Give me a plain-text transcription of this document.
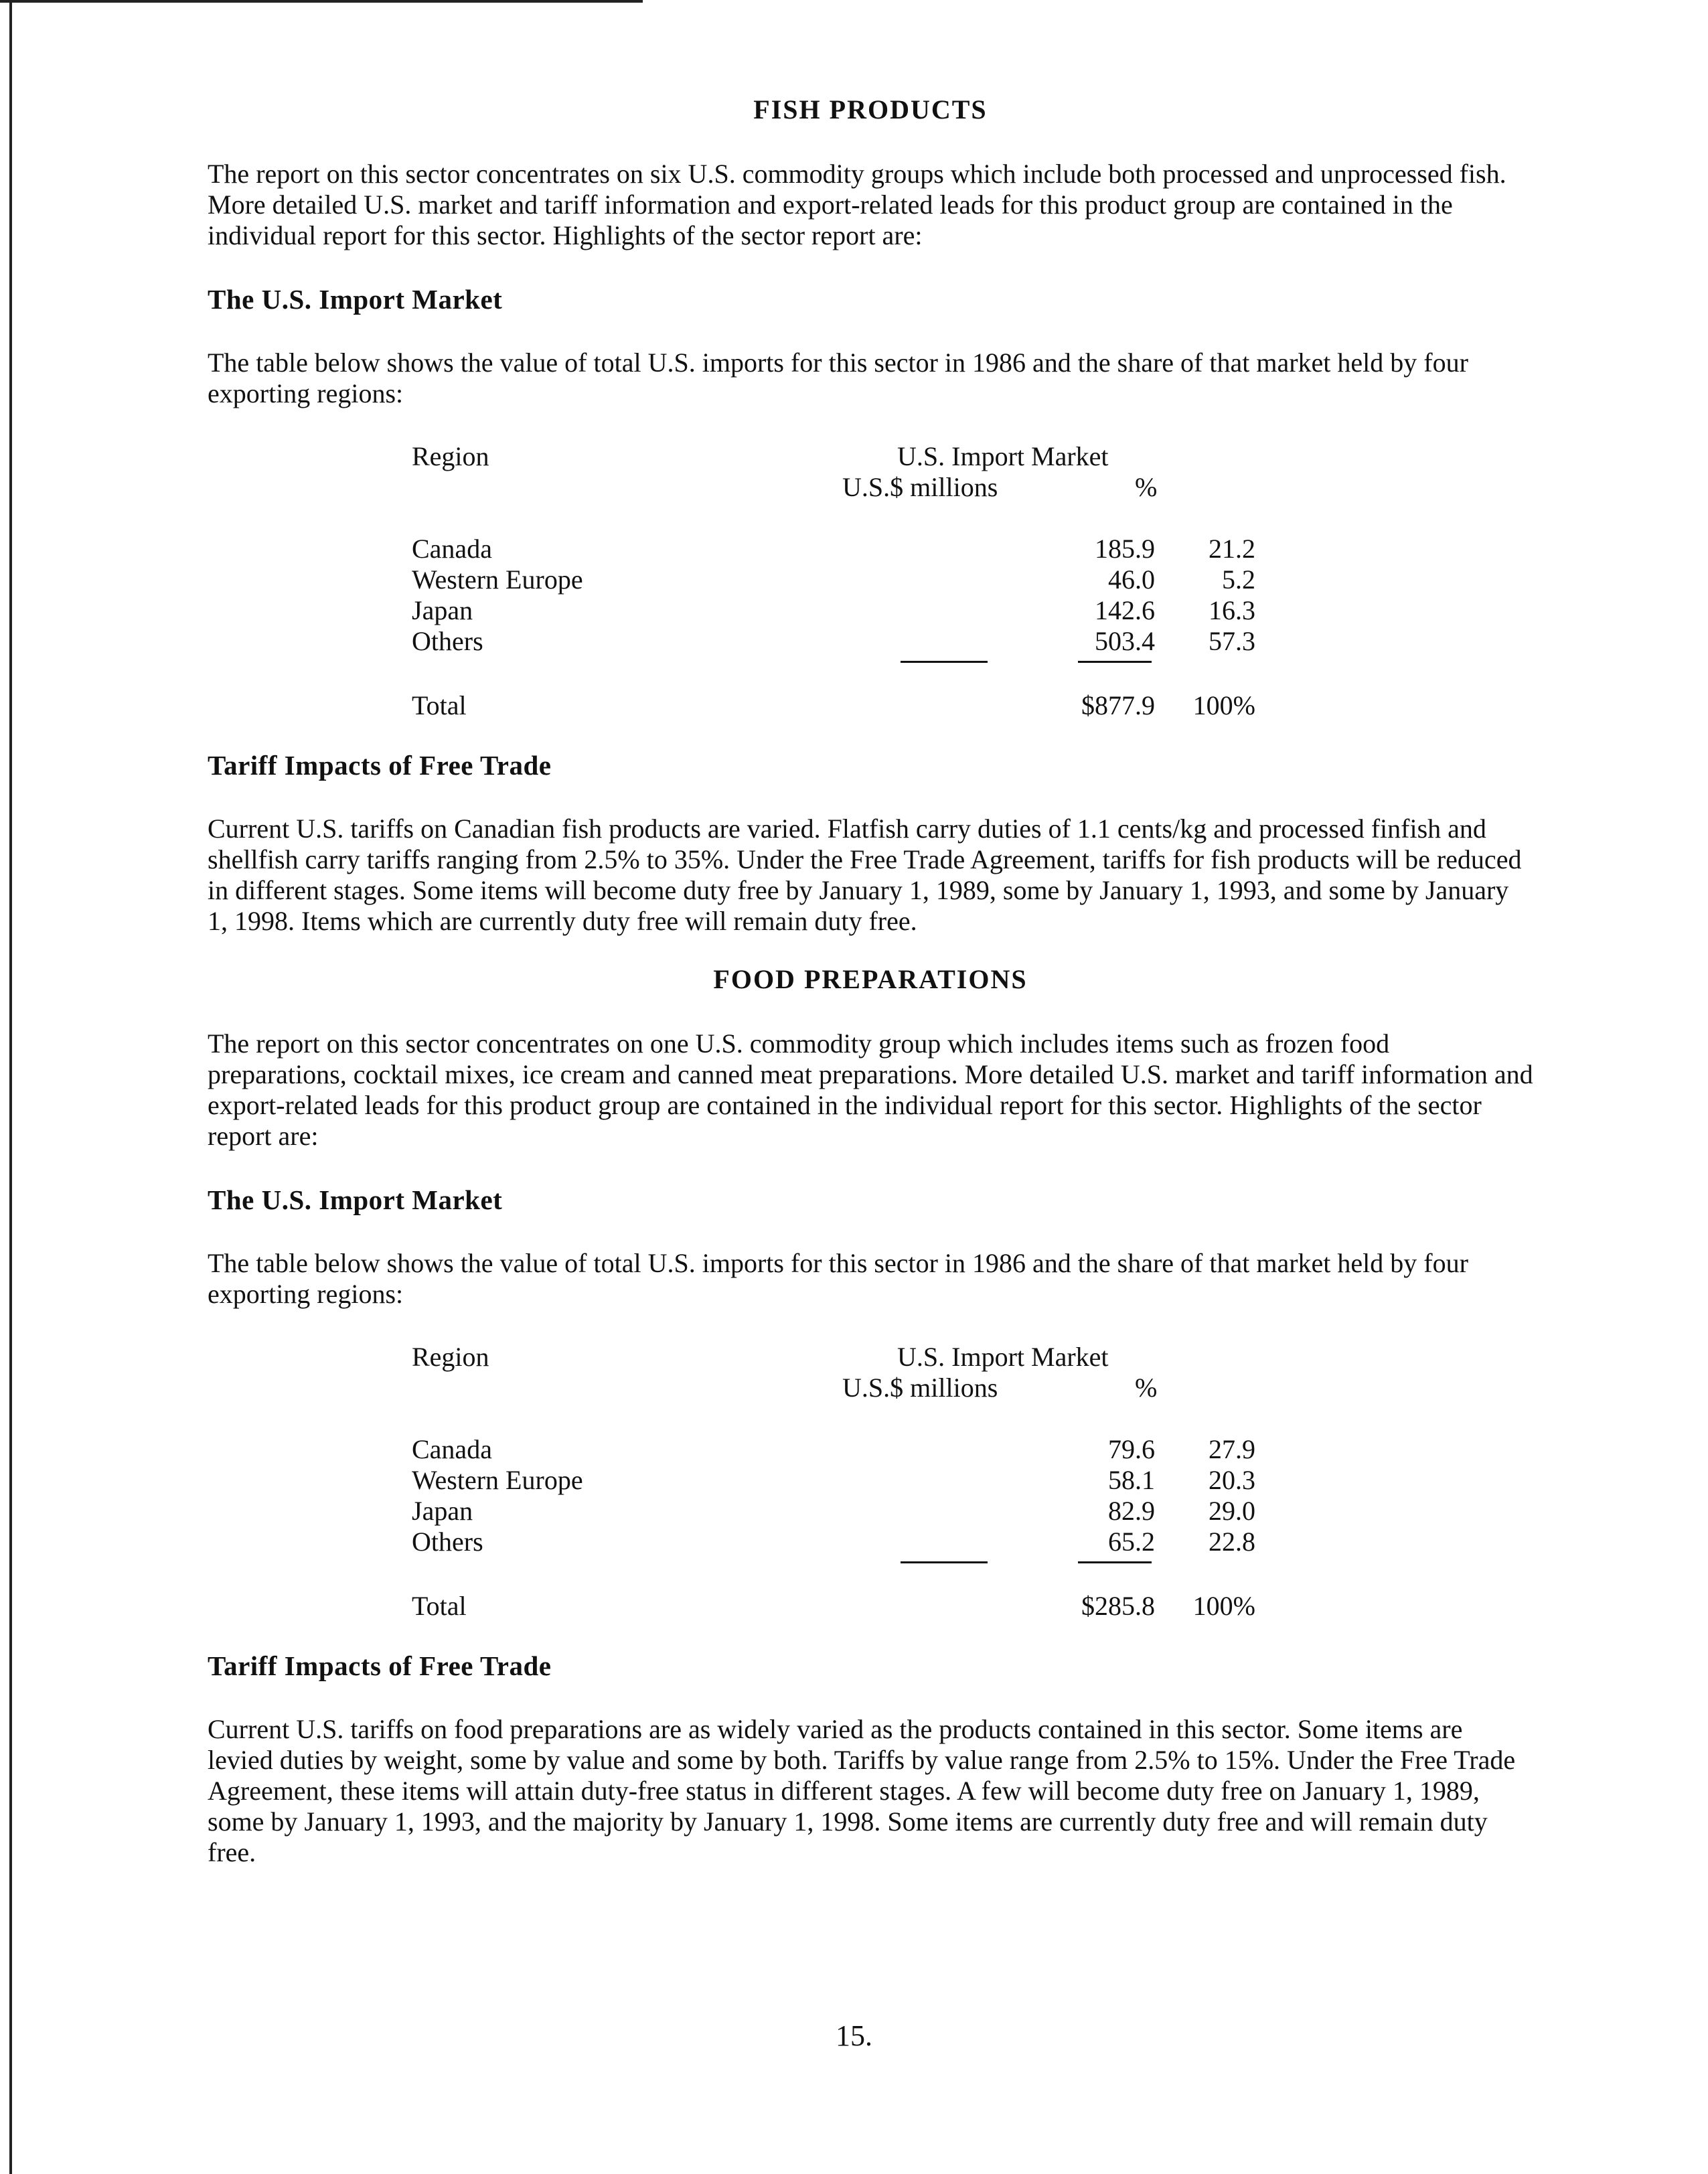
FISH PRODUCTS

The report on this sector concentrates on six U.S. commodity groups which include both processed and unprocessed fish. More detailed U.S. market and tariff information and export-related leads for this product group are contained in the individual report for this sector. Highlights of the sector report are:

The U.S. Import Market

The table below shows the value of total U.S. imports for this sector in 1986 and the share of that market held by four exporting regions:

Region	U.S. Import Market
U.S.$ millions	%
Canada	185.9 21.2
Western Europe	46.0	5.2
Japan	142.6 16.3
Others	503.4 57.3
Total	$877.9 100%
Tariff Impacts of Free Trade

Current U.S. tariffs on Canadian fish products are varied. Flatfish carry duties of 1.1 cents/kg and processed finfish and shellfish carry tariffs ranging from 2.5% to 35%. Under the Free Trade Agreement, tariffs for fish products will be reduced in different stages. Some items will become duty free by January 1, 1989, some by January 1, 1993, and some by January 1, 1998. Items which are currently duty free will remain duty free.

FOOD PREPARATIONS

The report on this sector concentrates on one U.S. commodity group which includes items such as frozen food preparations, cocktail mixes, ice cream and canned meat preparations. More detailed U.S. market and tariff information and export-related leads for this product group are contained in the individual report for this sector. Highlights of the sector report are:

The U.S. Import Market

The table below shows the value of total U.S. imports for this sector in 1986 and the share of that market held by four exporting regions:

Region	U.S. Import Market
U.S.$ millions	%
Canada	79.6 27.9
Western Europe	58.1 20.3
Japan	82.9 29.0
Others	65.2 22.8
Total	$285.8 100%
Tariff Impacts of Free Trade

Current U.S. tariffs on food preparations are as widely varied as the products contained in this sector. Some items are levied duties by weight, some by value and some by both. Tariffs by value range from 2.5% to 15%. Under the Free Trade Agreement, these items will attain duty-free status in different stages. A few will become duty free on January 1, 1989, some by January 1, 1993, and the majority by January 1, 1998. Some items are currently duty free and will remain duty free.

15.
